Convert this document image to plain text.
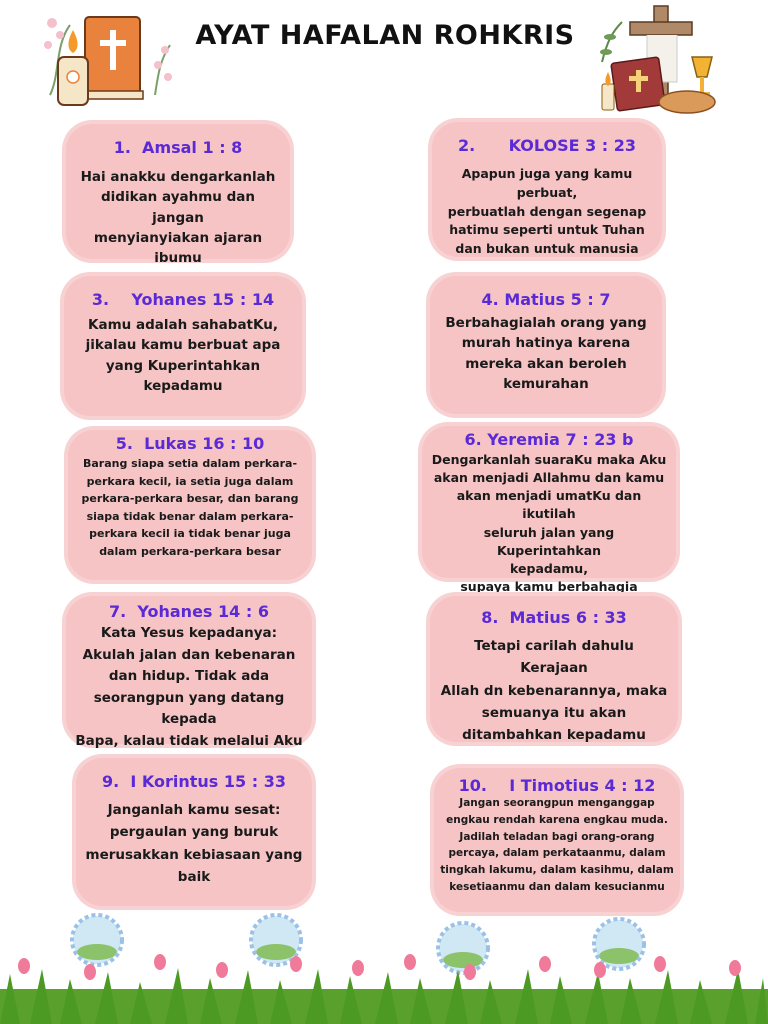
AYAT HAFALAN ROHKRIS
1.  Amsal 1 : 8
Hai anakku dengarkanlah
didikan ayahmu dan jangan
menyianyiakan ajaran ibumu
2.      KOLOSE 3 : 23
Apapun juga yang kamu perbuat,
perbuatlah dengan segenap
hatimu seperti untuk Tuhan
dan bukan untuk manusia
3.    Yohanes 15 : 14
Kamu adalah sahabatKu,
jikalau kamu berbuat apa
yang Kuperintahkan
kepadamu
4. Matius 5 : 7
Berbahagialah orang yang
murah hatinya karena
mereka akan beroleh
kemurahan
5.  Lukas 16 : 10
Barang siapa setia dalam perkara-
perkara kecil, ia setia juga dalam
perkara-perkara besar, dan barang
siapa tidak benar dalam perkara-
perkara kecil ia tidak benar juga
dalam perkara-perkara besar
6. Yeremia 7 : 23 b
Dengarkanlah suaraKu maka Aku
akan menjadi Allahmu dan kamu
akan menjadi umatKu dan ikutilah
seluruh jalan yang Kuperintahkan
kepadamu,
supaya kamu berbahagia
7.  Yohanes 14 : 6
Kata Yesus kepadanya:
Akulah jalan dan kebenaran
dan hidup. Tidak ada
seorangpun yang datang kepada
Bapa, kalau tidak melalui Aku
8.  Matius 6 : 33
Tetapi carilah dahulu Kerajaan
Allah dn kebenarannya, maka
semuanya itu akan
ditambahkan kepadamu
9.  I Korintus 15 : 33
Janganlah kamu sesat:
pergaulan yang buruk
merusakkan kebiasaan yang
baik
10.    I Timotius 4 : 12
Jangan seorangpun menganggap
engkau rendah karena engkau muda.
Jadilah teladan bagi orang-orang
percaya, dalam perkataanmu, dalam
tingkah lakumu, dalam kasihmu, dalam
kesetiaanmu dan dalam kesucianmu
